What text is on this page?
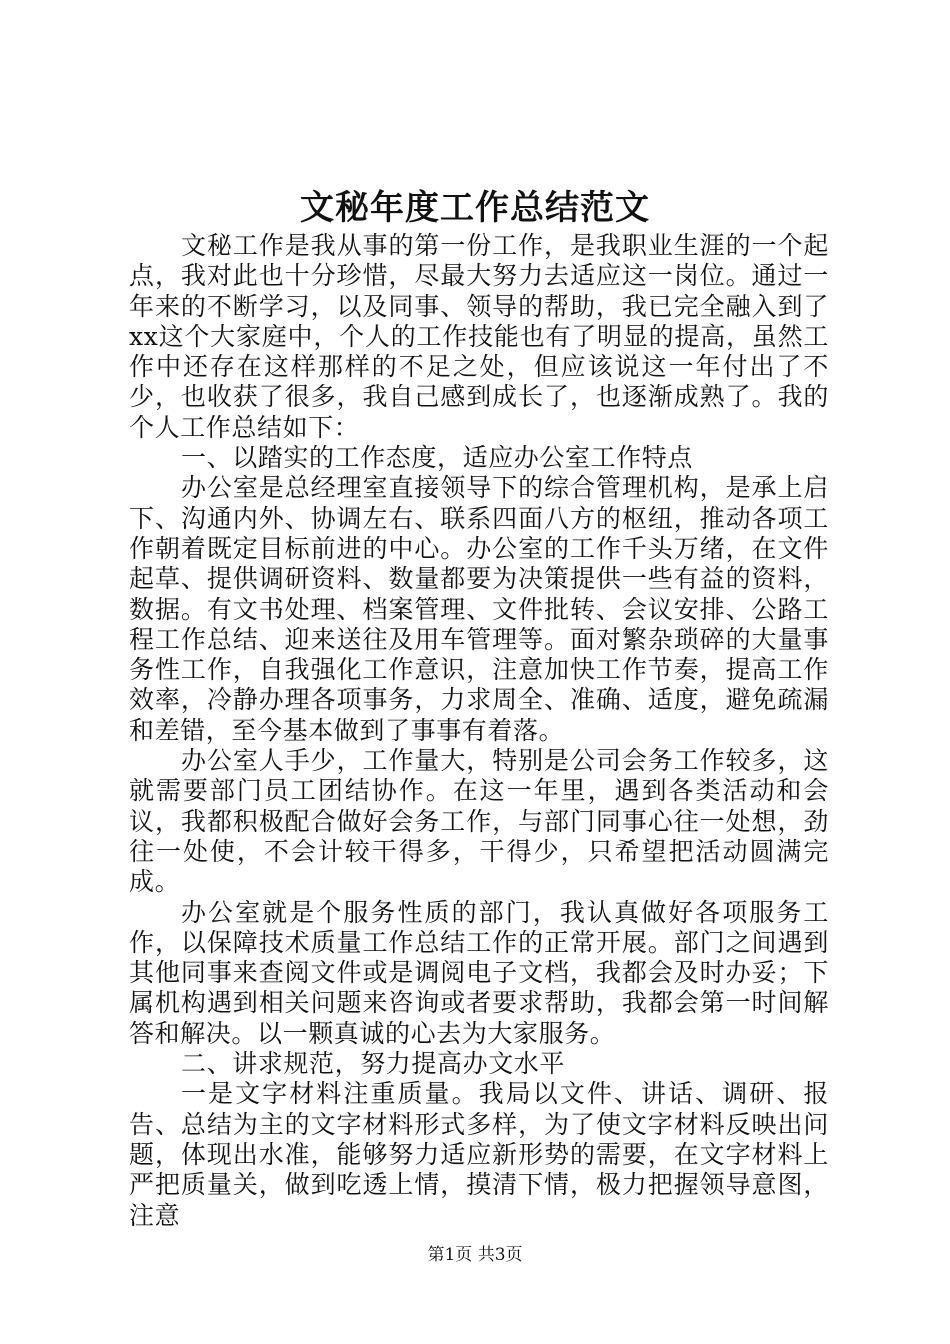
文秘年度工作总结范文

文秘工作是我从事的第一份工作，是我职业生涯的一个起点，我对此也十分珍惜，尽最大努力去适应这一岗位。通过一年来的不断学习，以及同事、领导的帮助，我已完全融入到了xx这个大家庭中，个人的工作技能也有了明显的提高，虽然工作中还存在这样那样的不足之处，但应该说这一年付出了不少，也收获了很多，我自己感到成长了，也逐渐成熟了。我的个人工作总结如下：

一、以踏实的工作态度，适应办公室工作特点

办公室是总经理室直接领导下的综合管理机构，是承上启下、沟通内外、协调左右、联系四面八方的枢纽，推动各项工作朝着既定目标前进的中心。办公室的工作千头万绪，在文件起草、提供调研资料、数量都要为决策提供一些有益的资料，数据。有文书处理、档案管理、文件批转、会议安排、公路工程工作总结、迎来送往及用车管理等。面对繁杂琐碎的大量事务性工作，自我强化工作意识，注意加快工作节奏，提高工作效率，冷静办理各项事务，力求周全、准确、适度，避免疏漏和差错，至今基本做到了事事有着落。

办公室人手少，工作量大，特别是公司会务工作较多，这就需要部门员工团结协作。在这一年里，遇到各类活动和会议，我都积极配合做好会务工作，与部门同事心往一处想，劲往一处使，不会计较干得多，干得少，只希望把活动圆满完成。

办公室就是个服务性质的部门，我认真做好各项服务工作，以保障技术质量工作总结工作的正常开展。部门之间遇到其他同事来查阅文件或是调阅电子文档，我都会及时办妥；下属机构遇到相关问题来咨询或者要求帮助，我都会第一时间解答和解决。以一颗真诚的心去为大家服务。

二、讲求规范，努力提高办文水平

一是文字材料注重质量。我局以文件、讲话、调研、报告、总结为主的文字材料形式多样，为了使文字材料反映出问题，体现出水准，能够努力适应新形势的需要，在文字材料上严把质量关，做到吃透上情，摸清下情，极力把握领导意图，注意

第1页 共3页
